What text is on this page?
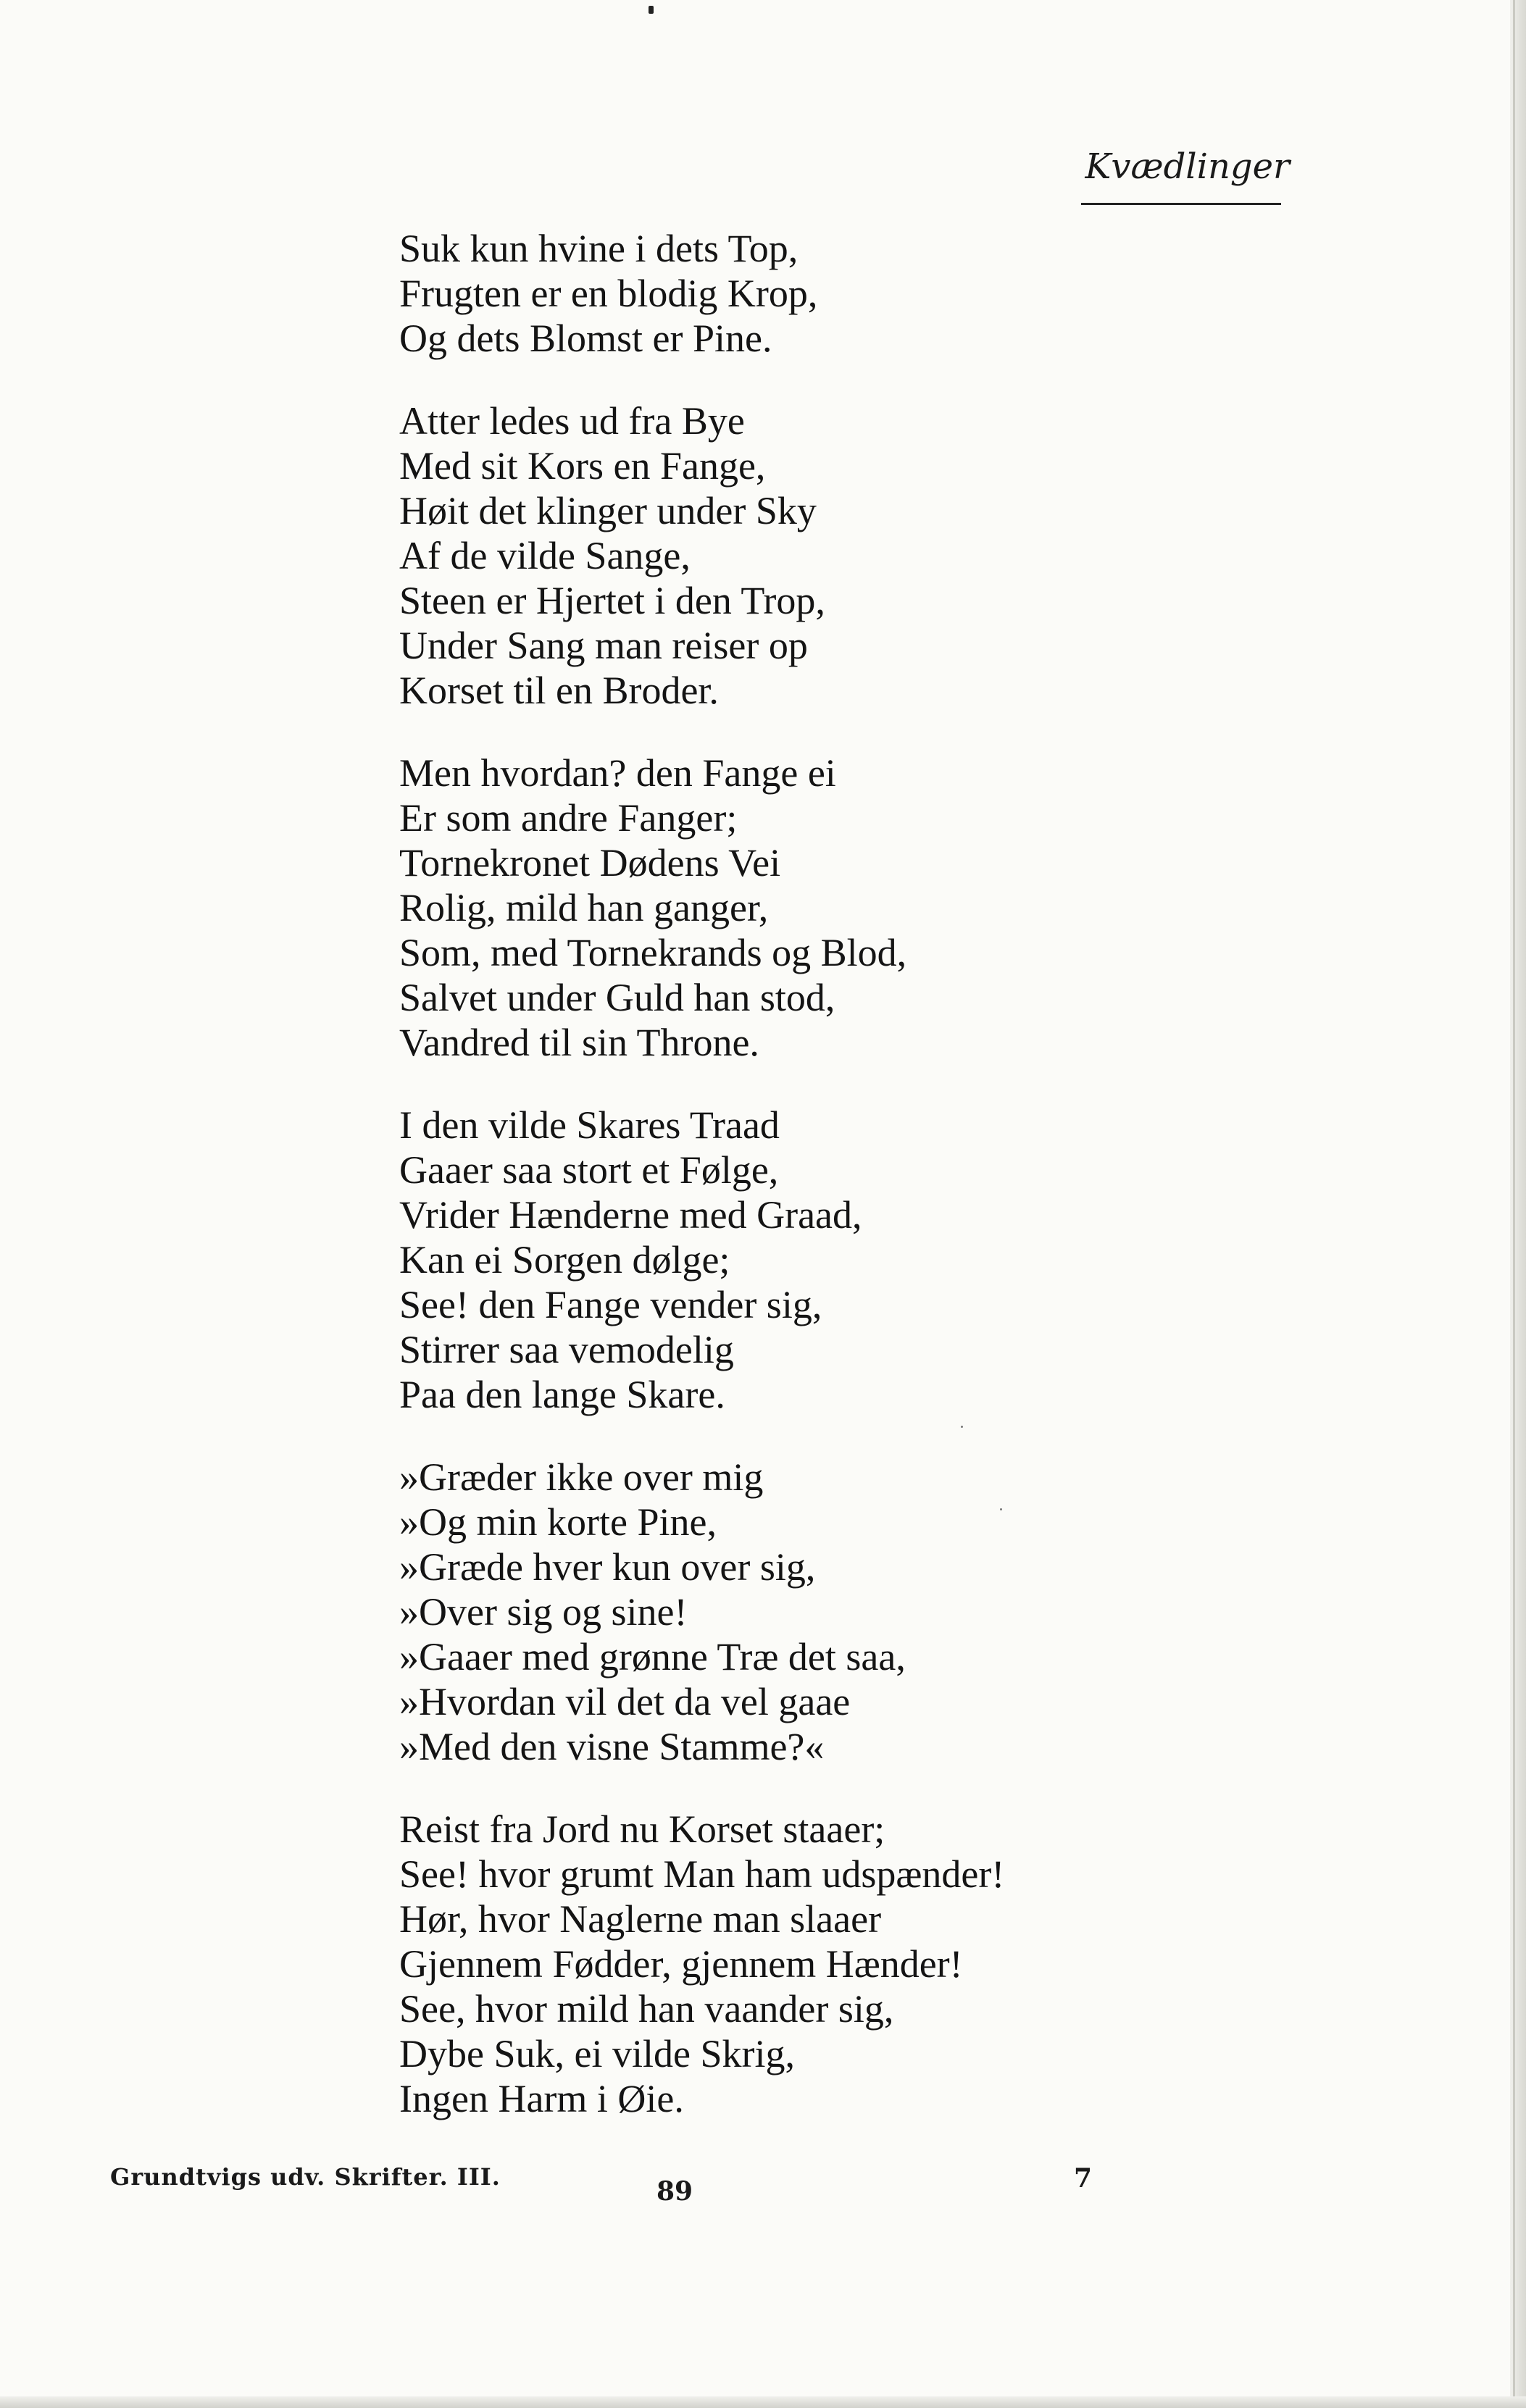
Kvædlinger
Suk kun hvine i dets Top,
Frugten er en blodig Krop,
Og dets Blomst er Pine.
Atter ledes ud fra Bye
Med sit Kors en Fange,
Høit det klinger under Sky
Af de vilde Sange,
Steen er Hjertet i den Trop,
Under Sang man reiser op
Korset til en Broder.
Men hvordan? den Fange ei
Er som andre Fanger;
Tornekronet Dødens Vei
Rolig, mild han ganger,
Som, med Tornekrands og Blod,
Salvet under Guld han stod,
Vandred til sin Throne.
I den vilde Skares Traad
Gaaer saa stort et Følge,
Vrider Hænderne med Graad,
Kan ei Sorgen dølge;
See! den Fange vender sig,
Stirrer saa vemodelig
Paa den lange Skare.
»Græder ikke over mig
»Og min korte Pine,
»Græde hver kun over sig,
»Over sig og sine!
»Gaaer med grønne Træ det saa,
»Hvordan vil det da vel gaae
»Med den visne Stamme?«
Reist fra Jord nu Korset staaer;
See! hvor grumt Man ham udspænder!
Hør, hvor Naglerne man slaaer
Gjennem Fødder, gjennem Hænder!
See, hvor mild han vaander sig,
Dybe Suk, ei vilde Skrig,
Ingen Harm i Øie.
Grundtvigs udv. Skrifter. III.	89	7
